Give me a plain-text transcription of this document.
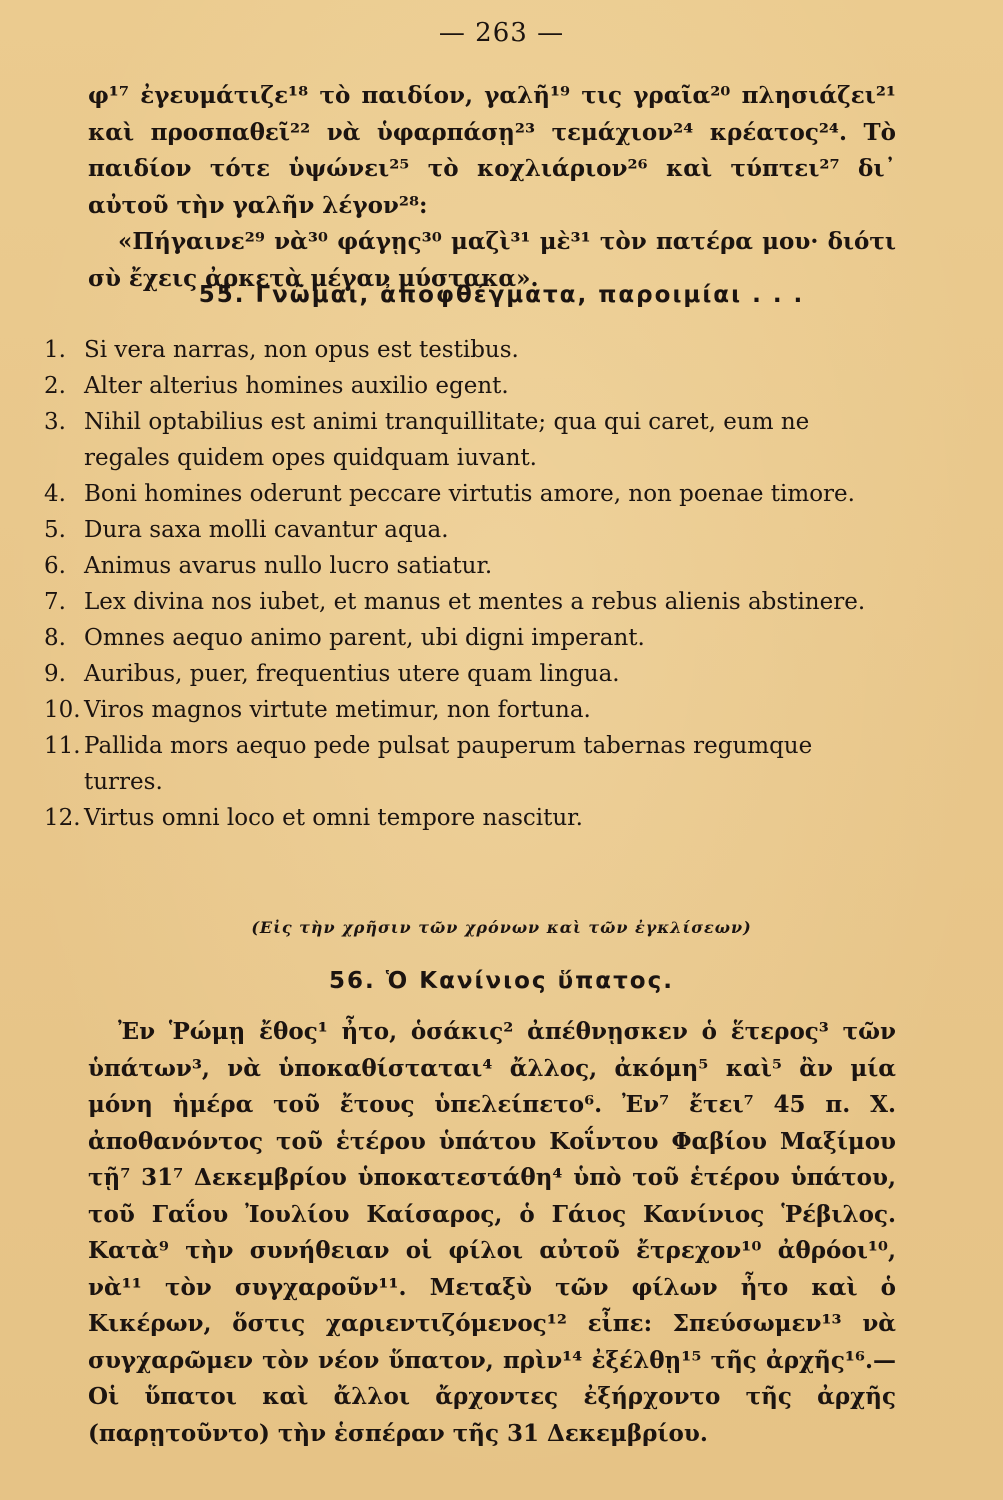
— 263 —

φ¹⁷ ἐγευμάτιζε¹⁸ τὸ παιδίον, γαλῆ¹⁹ τις γραῖα²⁰ πλησιάζει²¹ καὶ προσπαθεῖ²² νὰ ὑφαρπάσῃ²³ τεμάχιον²⁴ κρέατος²⁴. Τὸ παιδίον τότε ὑψώνει²⁵ τὸ κοχλιάριον²⁶ καὶ τύπτει²⁷ δι᾽ αὐτοῦ τὴν γαλῆν λέγον²⁸:

«Πήγαινε²⁹ νὰ³⁰ φάγῃς³⁰ μαζὶ³¹ μὲ³¹ τὸν πατέρα μου· διότι σὺ ἔχεις ἀρκετὰ μέγαν μύστακα».

55. Γνῶμαι, ἀποφθέγματα, παροιμίαι . . .
1. Si vera narras, non opus est testibus.
2. Alter alterius homines auxilio egent.
3. Nihil optabilius est animi tranquillitate; qua qui caret, eum ne regales quidem opes quidquam iuvant.
4. Boni homines oderunt peccare virtutis amore, non poenae timore.
5. Dura saxa molli cavantur aqua.
6. Animus avarus nullo lucro satiatur.
7. Lex divina nos iubet, et manus et mentes a rebus alienis abstinere.
8. Omnes aequo animo parent, ubi digni imperant.
9. Auribus, puer, frequentius utere quam lingua.
10. Viros magnos virtute metimur, non fortuna.
11. Pallida mors aequo pede pulsat pauperum tabernas regumque turres.
12. Virtus omni loco et omni tempore nascitur.
(Εἰς τὴν χρῆσιν τῶν χρόνων καὶ τῶν ἐγκλίσεων)
56. Ὁ Κανίνιος ὕπατος.

Ἐν Ῥώμῃ ἔθος¹ ἦτο, ὁσάκις² ἀπέθνῃσκεν ὁ ἕτερος³ τῶν ὑπάτων³, νὰ ὑποκαθίσταται⁴ ἄλλος, ἀκόμη⁵ καὶ⁵ ἂν μία μόνη ἡμέρα τοῦ ἔτους ὑπελείπετο⁶. Ἐν⁷ ἔτει⁷ 45 π. Χ. ἀποθανόντος τοῦ ἑτέρου ὑπάτου Κοΐντου Φαβίου Μαξίμου τῇ⁷ 31⁷ Δεκεμβρίου ὑποκατεστάθη⁴ ὑπὸ τοῦ ἑτέρου ὑπάτου, τοῦ Γαΐου Ἰουλίου Καίσαρος, ὁ Γάιος Κανίνιος Ῥέβιλος. Κατὰ⁹ τὴν συνήθειαν οἱ φίλοι αὐτοῦ ἔτρεχον¹⁰ ἀθρόοι¹⁰, νὰ¹¹ τὸν συγχαροῦν¹¹. Μεταξὺ τῶν φίλων ἦτο καὶ ὁ Κικέρων, ὅστις χαριεντιζόμενος¹² εἶπε: Σπεύσωμεν¹³ νὰ συγχαρῶμεν τὸν νέον ὕπατον, πρὶν¹⁴ ἐξέλθῃ¹⁵ τῆς ἀρχῆς¹⁶.—Οἱ ὕπατοι καὶ ἄλλοι ἄρχοντες ἐξήρχοντο τῆς ἀρχῆς (παρῃτοῦντο) τὴν ἑσπέραν τῆς 31 Δεκεμβρίου.
